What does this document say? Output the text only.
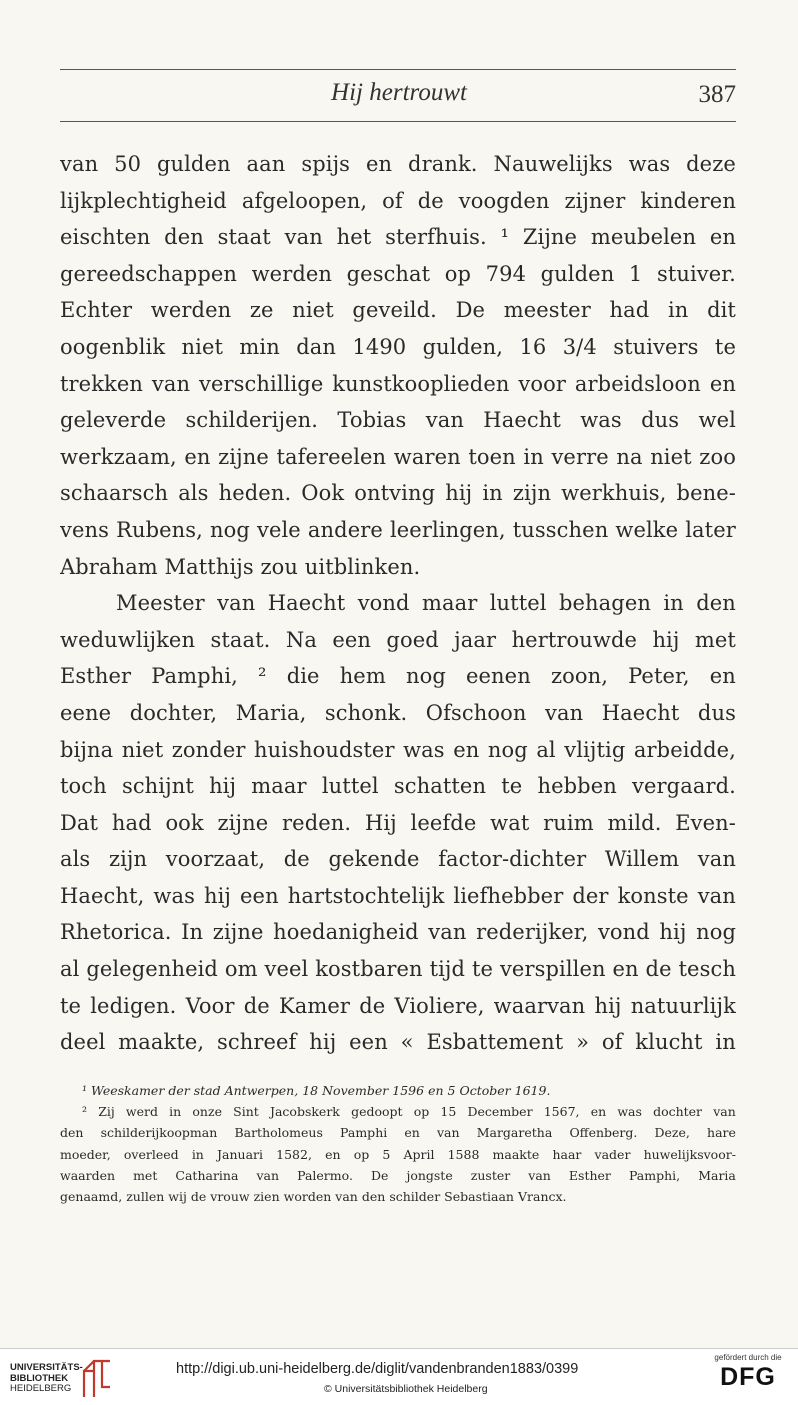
Hij hertrouwt	387
van 50 gulden aan spijs en drank. Nauwelijks was deze
lijkplechtigheid afgeloopen, of de voogden zijner kinderen
eischten den staat van het sterfhuis. ¹ Zijne meubelen en
gereedschappen werden geschat op 794 gulden 1 stuiver.
Echter werden ze niet geveild. De meester had in dit
oogenblik niet min dan 1490 gulden, 16 3/4 stuivers te
trekken van verschillige kunstkooplieden voor arbeidsloon en
geleverde schilderijen. Tobias van Haecht was dus wel
werkzaam, en zijne tafereelen waren toen in verre na niet zoo
schaarsch als heden. Ook ontving hij in zijn werkhuis, bene-
vens Rubens, nog vele andere leerlingen, tusschen welke later
Abraham Matthijs zou uitblinken.
Meester van Haecht vond maar luttel behagen in den
weduwlijken staat. Na een goed jaar hertrouwde hij met
Esther Pamphi, ² die hem nog eenen zoon, Peter, en
eene dochter, Maria, schonk. Ofschoon van Haecht dus
bijna niet zonder huishoudster was en nog al vlijtig arbeidde,
toch schijnt hij maar luttel schatten te hebben vergaard.
Dat had ook zijne reden. Hij leefde wat ruim mild. Even-
als zijn voorzaat, de gekende factor-dichter Willem van
Haecht, was hij een hartstochtelijk liefhebber der konste van
Rhetorica. In zijne hoedanigheid van rederijker, vond hij nog
al gelegenheid om veel kostbaren tijd te verspillen en de tesch
te ledigen. Voor de Kamer de Violiere, waarvan hij natuurlijk
deel maakte, schreef hij een « Esbattement » of klucht in
¹ Weeskamer der stad Antwerpen, 18 November 1596 en 5 October 1619.
² Zij werd in onze Sint Jacobskerk gedoopt op 15 December 1567, en was dochter van
den schilderijkoopman Bartholomeus Pamphi en van Margaretha Offenberg. Deze, hare
moeder, overleed in Januari 1582, en op 5 April 1588 maakte haar vader huwelijksvoor-
waarden met Catharina van Palermo. De jongste zuster van Esther Pamphi, Maria
genaamd, zullen wij de vrouw zien worden van den schilder Sebastiaan Vrancx.
UNIVERSITÄTS-
BIBLIOTHEK
HEIDELBERG
http://digi.ub.uni-heidelberg.de/diglit/vandenbranden1883/0399
© Universitätsbibliothek Heidelberg
gefördert durch die
DFG
